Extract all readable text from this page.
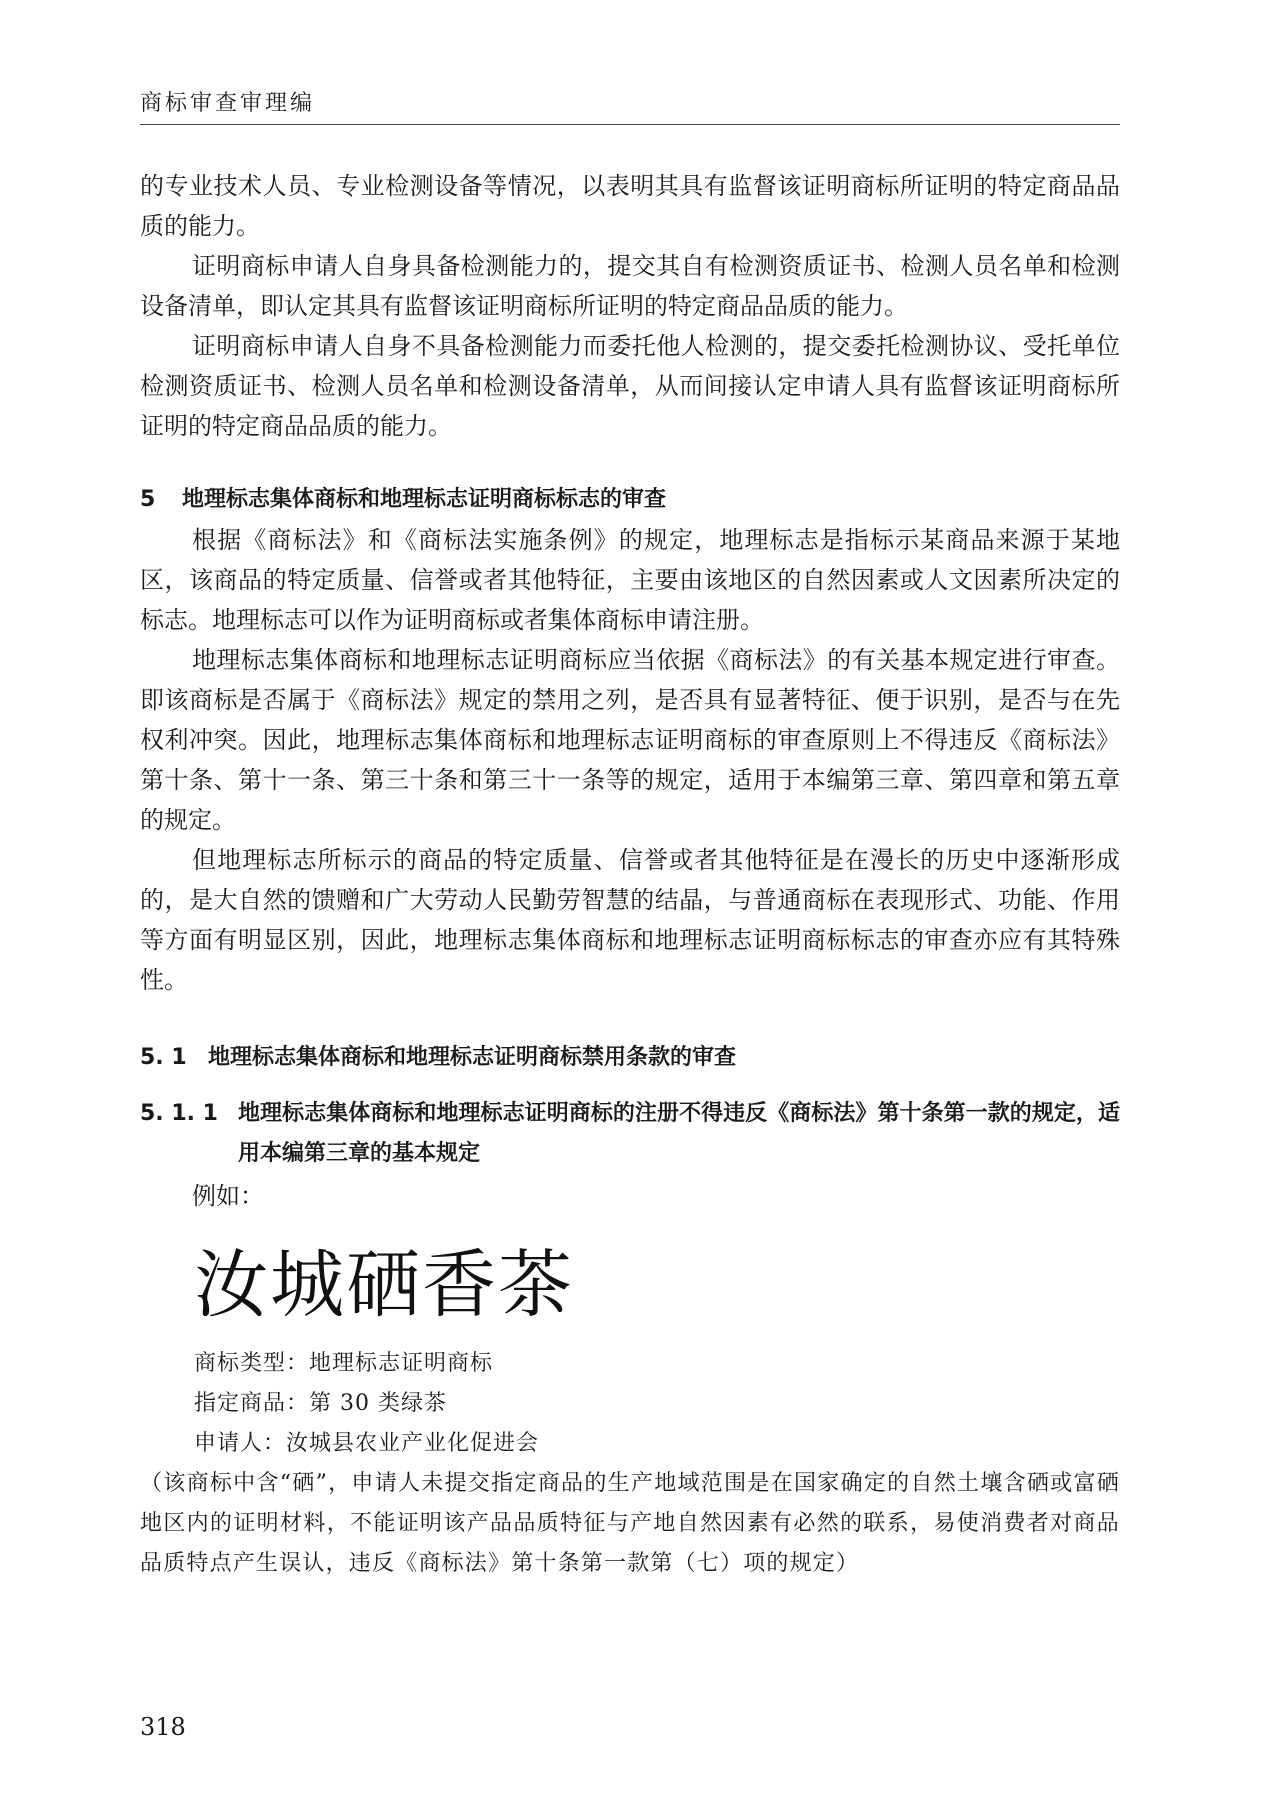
商标审查审理编

的专业技术人员、专业检测设备等情况，以表明其具有监督该证明商标所证明的特定商品品质的能力。

证明商标申请人自身具备检测能力的，提交其自有检测资质证书、检测人员名单和检测设备清单，即认定其具有监督该证明商标所证明的特定商品品质的能力。

证明商标申请人自身不具备检测能力而委托他人检测的，提交委托检测协议、受托单位检测资质证书、检测人员名单和检测设备清单，从而间接认定申请人具有监督该证明商标所证明的特定商品品质的能力。

5	地理标志集体商标和地理标志证明商标标志的审查

根据《商标法》和《商标法实施条例》的规定，地理标志是指标示某商品来源于某地区，该商品的特定质量、信誉或者其他特征，主要由该地区的自然因素或人文因素所决定的标志。地理标志可以作为证明商标或者集体商标申请注册。

地理标志集体商标和地理标志证明商标应当依据《商标法》的有关基本规定进行审查。即该商标是否属于《商标法》规定的禁用之列，是否具有显著特征、便于识别，是否与在先权利冲突。因此，地理标志集体商标和地理标志证明商标的审查原则上不得违反《商标法》第十条、第十一条、第三十条和第三十一条等的规定，适用于本编第三章、第四章和第五章的规定。

但地理标志所标示的商品的特定质量、信誉或者其他特征是在漫长的历史中逐渐形成的，是大自然的馈赠和广大劳动人民勤劳智慧的结晶，与普通商标在表现形式、功能、作用等方面有明显区别，因此，地理标志集体商标和地理标志证明商标标志的审查亦应有其特殊性。

5. 1 地理标志集体商标和地理标志证明商标禁用条款的审查
5. 1. 1 地理标志集体商标和地理标志证明商标的注册不得违反《商标法》第十条第一款的规定，适用本编第三章的基本规定

例如：

汝城硒香茶
商标类型：地理标志证明商标
指定商品：第 30 类绿茶
申请人：汝城县农业产业化促进会

（该商标中含“硒”，申请人未提交指定商品的生产地域范围是在国家确定的自然土壤含硒或富硒地区内的证明材料，不能证明该产品品质特征与产地自然因素有必然的联系，易使消费者对商品品质特点产生误认，违反《商标法》第十条第一款第（七）项的规定）

318
